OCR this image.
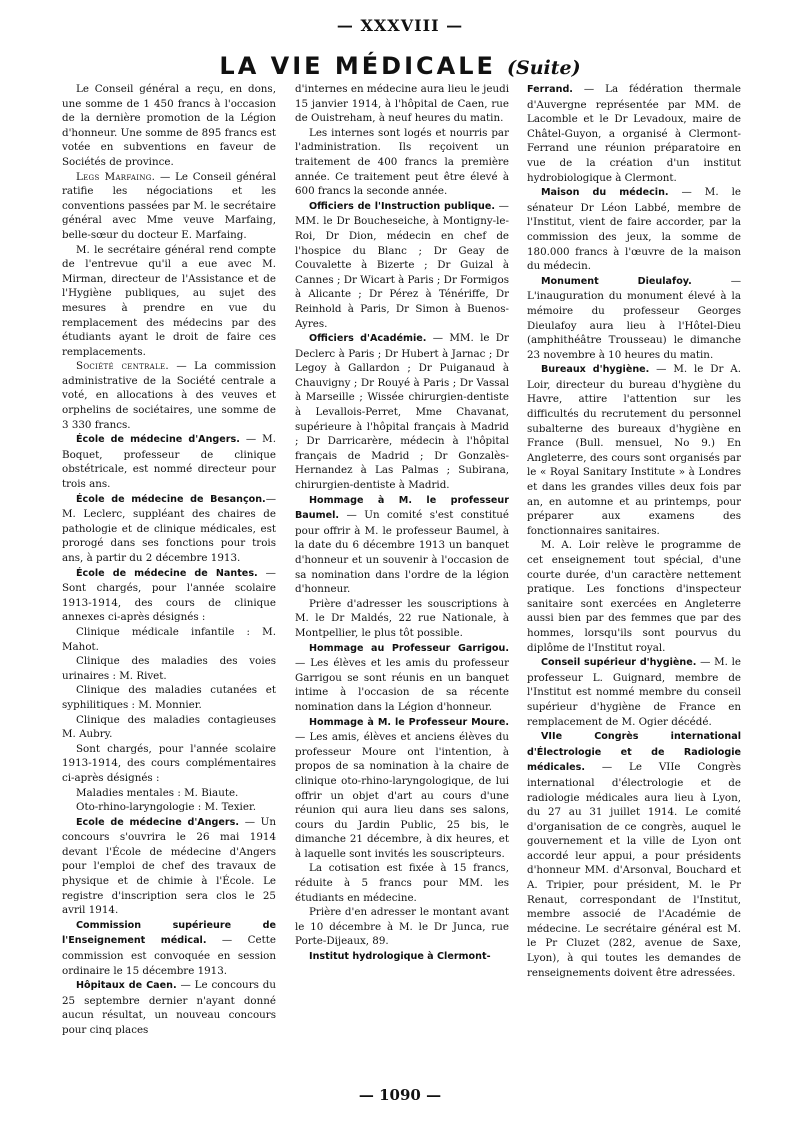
— XXXVIII —
LA VIE MÉDICALE (Suite)

Le Conseil général a reçu, en dons, une somme de 1 450 francs à l'occasion de la dernière promotion de la Légion d'honneur. Une somme de 895 francs est votée en subventions en faveur de Sociétés de province.

Legs Marfaing. — Le Conseil général ratifie les négociations et les conventions passées par M. le secrétaire général avec Mme veuve Marfaing, belle-sœur du docteur E. Marfaing.

M. le secrétaire général rend compte de l'entrevue qu'il a eue avec M. Mirman, directeur de l'Assistance et de l'Hygiène publiques, au sujet des mesures à prendre en vue du remplacement des médecins par des étudiants ayant le droit de faire ces remplacements.

Société centrale. — La commission administrative de la Société centrale a voté, en allocations à des veuves et orphelins de sociétaires, une somme de 3 330 francs.

École de médecine d'Angers. — M. Boquet, professeur de clinique obstétricale, est nommé directeur pour trois ans.

École de médecine de Besançon.— M. Leclerc, suppléant des chaires de pathologie et de clinique médicales, est prorogé dans ses fonctions pour trois ans, à partir du 2 décembre 1913.

École de médecine de Nantes. — Sont chargés, pour l'année scolaire 1913-1914, des cours de clinique annexes ci-après désignés :

Clinique médicale infantile : M. Mahot.

Clinique des maladies des voies urinaires : M. Rivet.

Clinique des maladies cutanées et syphilitiques : M. Monnier.

Clinique des maladies contagieuses M. Aubry.

Sont chargés, pour l'année scolaire 1913-1914, des cours complémentaires ci-après désignés :

Maladies mentales : M. Biaute.

Oto-rhino-laryngologie : M. Texier.

Ecole de médecine d'Angers. — Un concours s'ouvrira le 26 mai 1914 devant l'École de médecine d'Angers pour l'emploi de chef des travaux de physique et de chimie à l'École. Le registre d'inscription sera clos le 25 avril 1914.

Commission supérieure de l'Enseignement médical. — Cette commission est convoquée en session ordinaire le 15 décembre 1913.

Hôpitaux de Caen. — Le concours du 25 septembre dernier n'ayant donné aucun résultat, un nouveau concours pour cinq places

d'internes en médecine aura lieu le jeudi 15 janvier 1914, à l'hôpital de Caen, rue de Ouistreham, à neuf heures du matin.

Les internes sont logés et nourris par l'administration. Ils reçoivent un traitement de 400 francs la première année. Ce traitement peut être élevé à 600 francs la seconde année.

Officiers de l'Instruction publique. — MM. le Dr Boucheseiche, à Montigny-le-Roi, Dr Dion, médecin en chef de l'hospice du Blanc ; Dr Geay de Couvalette à Bizerte ; Dr Guizal à Cannes ; Dr Wicart à Paris ; Dr Formigos à Alicante ; Dr Pérez à Ténériffe, Dr Reinhold à Paris, Dr Simon à Buenos-Ayres.

Officiers d'Académie. — MM. le Dr Declerc à Paris ; Dr Hubert à Jarnac ; Dr Legoy à Gallardon ; Dr Puiganaud à Chauvigny ; Dr Rouyé à Paris ; Dr Vassal à Marseille ; Wissée chirurgien-dentiste à Levallois-Perret, Mme Chavanat, supérieure à l'hôpital français à Madrid ; Dr Darricarère, médecin à l'hôpital français de Madrid ; Dr Gonzalès-Hernandez à Las Palmas ; Subirana, chirurgien-dentiste à Madrid.

Hommage à M. le professeur Baumel. — Un comité s'est constitué pour offrir à M. le professeur Baumel, à la date du 6 décembre 1913 un banquet d'honneur et un souvenir à l'occasion de sa nomination dans l'ordre de la légion d'honneur.

Prière d'adresser les souscriptions à M. le Dr Maldés, 22 rue Nationale, à Montpellier, le plus tôt possible.

Hommage au Professeur Garrigou. — Les élèves et les amis du professeur Garrigou se sont réunis en un banquet intime à l'occasion de sa récente nomination dans la Légion d'honneur.

Hommage à M. le Professeur Moure. — Les amis, élèves et anciens élèves du professeur Moure ont l'intention, à propos de sa nomination à la chaire de clinique oto-rhino-laryngologique, de lui offrir un objet d'art au cours d'une réunion qui aura lieu dans ses salons, cours du Jardin Public, 25 bis, le dimanche 21 décembre, à dix heures, et à laquelle sont invités les souscripteurs.

La cotisation est fixée à 15 francs, réduite à 5 francs pour MM. les étudiants en médecine.

Prière d'en adresser le montant avant le 10 décembre à M. le Dr Junca, rue Porte-Dijeaux, 89.

Institut hydrologique à Clermont-

Ferrand. — La fédération thermale d'Auvergne représentée par MM. de Lacomble et le Dr Levadoux, maire de Châtel-Guyon, a organisé à Clermont-Ferrand une réunion préparatoire en vue de la création d'un institut hydrobiologique à Clermont.

Maison du médecin. — M. le sénateur Dr Léon Labbé, membre de l'Institut, vient de faire accorder, par la commission des jeux, la somme de 180.000 francs à l'œuvre de la maison du médecin.

Monument Dieulafoy. — L'inauguration du monument élevé à la mémoire du professeur Georges Dieulafoy aura lieu à l'Hôtel-Dieu (amphithéâtre Trousseau) le dimanche 23 novembre à 10 heures du matin.

Bureaux d'hygiène. — M. le Dr A. Loir, directeur du bureau d'hygiène du Havre, attire l'attention sur les difficultés du recrutement du personnel subalterne des bureaux d'hygiène en France (Bull. mensuel, No 9.) En Angleterre, des cours sont organisés par le « Royal Sanitary Institute » à Londres et dans les grandes villes deux fois par an, en automne et au printemps, pour préparer aux examens des fonctionnaires sanitaires.

M. A. Loir relève le programme de cet enseignement tout spécial, d'une courte durée, d'un caractère nettement pratique. Les fonctions d'inspecteur sanitaire sont exercées en Angleterre aussi bien par des femmes que par des hommes, lorsqu'ils sont pourvus du diplôme de l'Institut royal.

Conseil supérieur d'hygiène. — M. le professeur L. Guignard, membre de l'Institut est nommé membre du conseil supérieur d'hygiène de France en remplacement de M. Ogier décédé.

VIIe Congrès international d'Électrologie et de Radiologie médicales. — Le VIIe Congrès international d'électrologie et de radiologie médicales aura lieu à Lyon, du 27 au 31 juillet 1914. Le comité d'organisation de ce congrès, auquel le gouvernement et la ville de Lyon ont accordé leur appui, a pour présidents d'honneur MM. d'Arsonval, Bouchard et A. Tripier, pour président, M. le Pr Renaut, correspondant de l'Institut, membre associé de l'Académie de médecine. Le secrétaire général est M. le Pr Cluzet (282, avenue de Saxe, Lyon), à qui toutes les demandes de renseignements doivent être adressées.

— 1090 —
